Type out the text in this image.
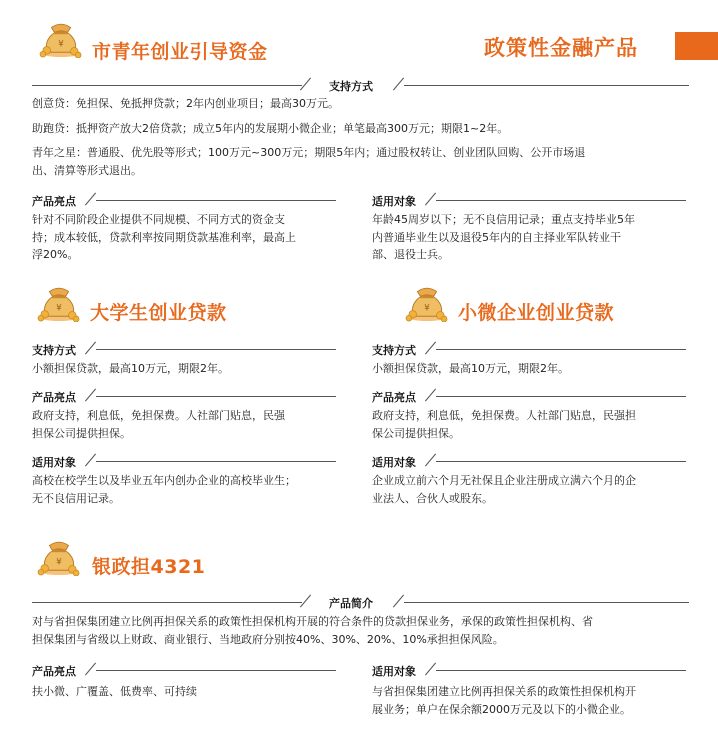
政策性金融产品
市青年创业引导资金
支持方式
创意贷：免担保、免抵押贷款；2年内创业项目；最高30万元。
助跑贷：抵押资产放大2倍贷款；成立5年内的发展期小微企业；单笔最高300万元；期限1~2年。
青年之星：普通股、优先股等形式；100万元~300万元；期限5年内；通过股权转让、创业团队回购、公开市场退
出、清算等形式退出。
产品亮点
针对不同阶段企业提供不同规模、不同方式的资金支
持；成本较低，贷款利率按同期贷款基准利率，最高上
浮20%。
适用对象
年龄45周岁以下；无不良信用记录；重点支持毕业5年
内普通毕业生以及退役5年内的自主择业军队转业干
部、退役士兵。
大学生创业贷款
支持方式
小额担保贷款，最高10万元，期限2年。
产品亮点
政府支持，利息低，免担保费。人社部门贴息，民强
担保公司提供担保。
适用对象
高校在校学生以及毕业五年内创办企业的高校毕业生；
无不良信用记录。
小微企业创业贷款
支持方式
小额担保贷款，最高10万元，期限2年。
产品亮点
政府支持，利息低，免担保费。人社部门贴息，民强担
保公司提供担保。
适用对象
企业成立前六个月无社保且企业注册成立满六个月的企
业法人、合伙人或股东。
银政担4321
产品简介
对与省担保集团建立比例再担保关系的政策性担保机构开展的符合条件的贷款担保业务，承保的政策性担保机构、省
担保集团与省级以上财政、商业银行、当地政府分别按40%、30%、20%、10%承担担保风险。
产品亮点
扶小微、广覆盖、低费率、可持续
适用对象
与省担保集团建立比例再担保关系的政策性担保机构开
展业务；单户在保余额2000万元及以下的小微企业。
